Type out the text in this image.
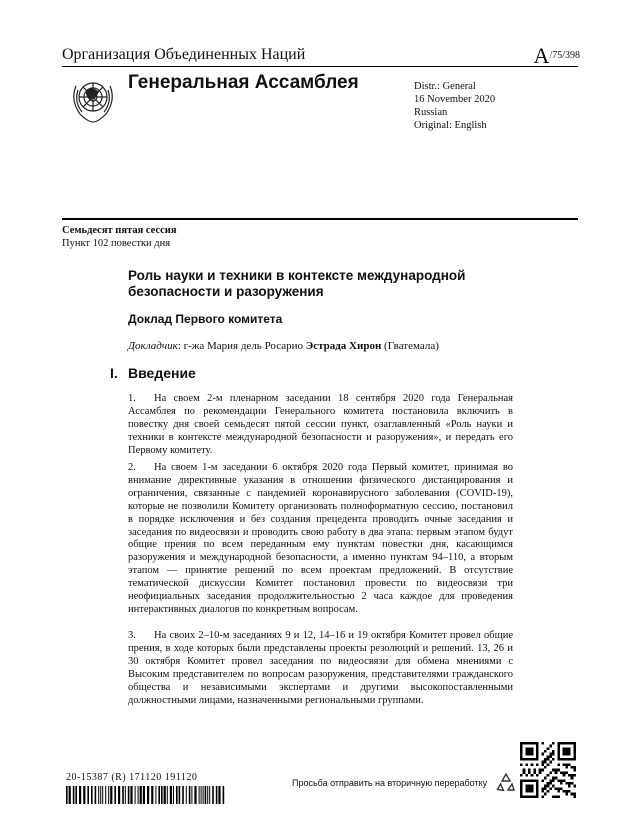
Организация Объединенных Наций	$A^{/75/398}$
Генеральная Ассамблея	Distr.: General
16 November 2020
Russian
Original: English
Семьдесят пятая сессия
Пункт 102 повестки дня
Роль науки и техники в контексте международной безопасности и разоружения
Доклад Первого комитета
Докладчик: г-жа Мария дель Росарио Эстрада Хирон (Гватемала)
I. Введение
1. На своем 2-м пленарном заседании 18 сентября 2020 года Генеральная Ассамблея по рекомендации Генерального комитета постановила включить в повестку дня своей семьдесят пятой сессии пункт, озаглавленный «Роль науки и техники в контексте международной безопасности и разоружения», и передать его Первому комитету.
2. На своем 1-м заседании 6 октября 2020 года Первый комитет, принимая во внимание директивные указания в отношении физического дистанцирования и ограничения, связанные с пандемией коронавирусного заболевания (COVID-19), которые не позволили Комитету организовать полноформатную сессию, постановил в порядке исключения и без создания прецедента проводить очные заседания и заседания по видеосвязи и проводить свою работу в два этапа: первым этапом будут общие прения по всем переданным ему пунктам повестки дня, касающимся разоружения и международной безопасности, а именно пунктам 94–110, а вторым этапом — принятие решений по всем проектам предложений. В отсутствие тематической дискуссии Комитет постановил провести по видеосвязи три неофициальных заседания продолжительностью 2 часа каждое для проведения интерактивных диалогов по конкретным вопросам.
3. На своих 2–10-м заседаниях 9 и 12, 14–16 и 19 октября Комитет провел общие прения, в ходе которых были представлены проекты резолюций и решений. 13, 26 и 30 октября Комитет провел заседания по видеосвязи для обмена мнениями с Высоким представителем по вопросам разоружения, представителями гражданского общества и независимыми экспертами и другими высокопоставленными должностными лицами, назначенными региональными группами.
20-15387 (R) 171120 191120	Просьба отправить на вторичную переработку
